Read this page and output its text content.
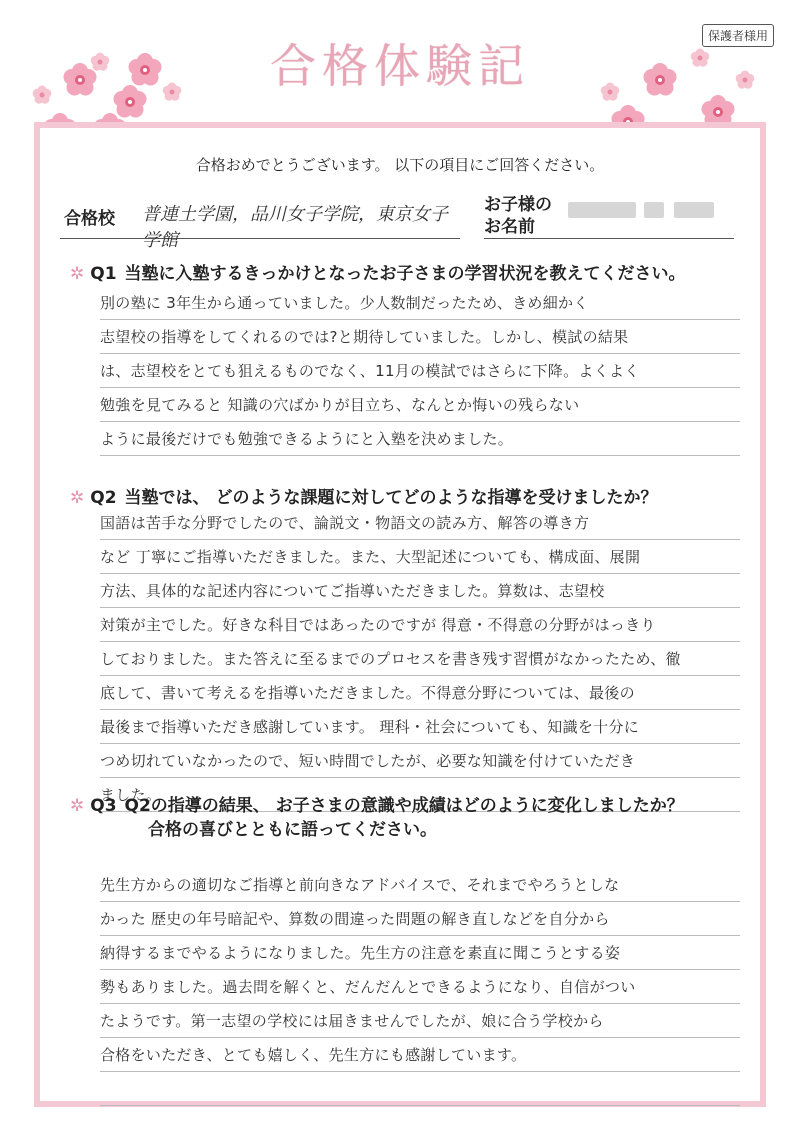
保護者様用
合格体験記
合格おめでとうございます。 以下の項目にご回答ください。
合格校 普連土学園，品川女子学院，東京女子学館
お子様の
お名前
✲ Q1 当塾に入塾するきっかけとなったお子さまの学習状況を教えてください。
別の塾に 3年生から通っていました。少人数制だったため、きめ細かく
志望校の指導をしてくれるのでは?と期待していました。しかし、模試の結果
は、志望校をとても狙えるものでなく、11月の模試ではさらに下降。よくよく
勉強を見てみると 知識の穴ばかりが目立ち、なんとか悔いの残らない
ように最後だけでも勉強できるようにと入塾を決めました。
✲ Q2 当塾では、 どのような課題に対してどのような指導を受けましたか？
国語は苦手な分野でしたので、論説文・物語文の読み方、解答の導き方
など 丁寧にご指導いただきました。また、大型記述についても、構成面、展開
方法、具体的な記述内容についてご指導いただきました。算数は、志望校
対策が主でした。好きな科目ではあったのですが 得意・不得意の分野がはっきり
しておりました。また答えに至るまでのプロセスを書き残す習慣がなかったため、徹
底して、書いて考えるを指導いただきました。不得意分野については、最後の
最後まで指導いただき感謝しています。 理科・社会についても、知識を十分に
つめ切れていなかったので、短い時間でしたが、必要な知識を付けていただき
ました。
✲ Q3 Q2の指導の結果、 お子さまの意識や成績はどのように変化しましたか？
合格の喜びとともに語ってください。
先生方からの適切なご指導と前向きなアドバイスで、それまでやろうとしな
かった 歴史の年号暗記や、算数の間違った問題の解き直しなどを自分から
納得するまでやるようになりました。先生方の注意を素直に聞こうとする姿
勢もありました。過去問を解くと、だんだんとできるようになり、自信がつい
たようです。第一志望の学校には届きませんでしたが、娘に合う学校から
合格をいただき、とても嬉しく、先生方にも感謝しています。
